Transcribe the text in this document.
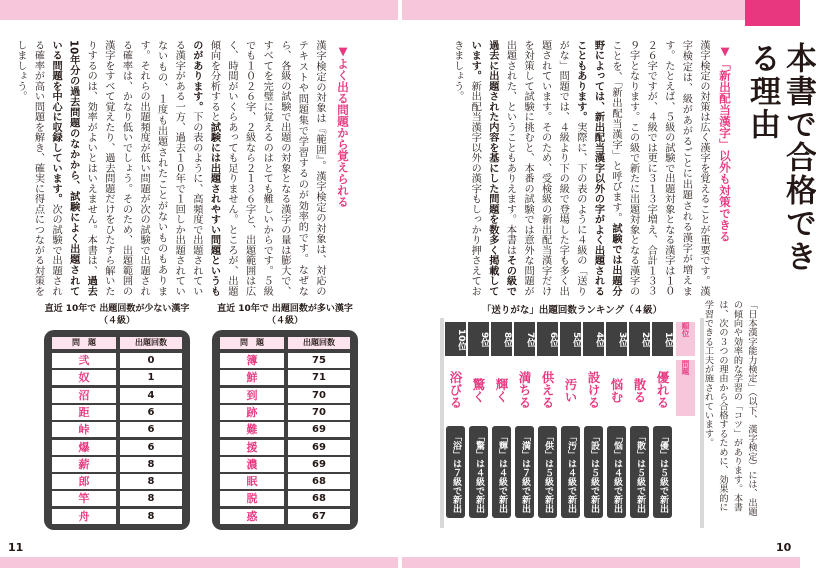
本書で合格できる理由
▼「新出配当漢字」以外も対策できる
漢字検定の対策は広く漢字を覚えることが重要です。漢字検定は、級があがるごとに出題される漢字が増えます。たとえば、５級の試験で出題対象となる漢字は１０２６字ですが、４級では更に３１３字増え、合計１３３９字となります。この級で新たに出題対象となる漢字のことを、「新出配当漢字」と呼びます。試験では出題分野によっては、新出配当漢字以外の字がよく出題されることもあります。実際に、下の表のように４級の「送りがな」問題では、４級より下の級で登場した字も多く出題されています。そのため、受検級の新出配当漢字だけを対策して試験に挑むと、本番の試験では意外な問題が出題された、ということもありえます。本書はその級で過去に出題された内容を基にした問題を数多く掲載しています。新出配当漢字以外の漢字もしっかり押さえておきましょう。
「日本漢字能力検定」（以下、漢字検定）には、出題の傾向や効率的な学習の「コツ」があります。本書は、次の３つの理由から合格するために、効果的に学習できる工夫が施されています。
「送りがな」出題回数ランキング（４級）
順位
問題
1位
優れる
「優」は５級で新出
2位
散る
「散」は５級で新出
3位
悩む
「悩」は４級で新出
4位
設ける
「設」は５級で新出
5位
汚い
「汚」は４級で新出
6位
供える
「供」は５級で新出
7位
満ちる
「満」は７級で新出
8位
輝く
「輝」は４級で新出
9位
驚く
「驚」は４級で新出
10位
浴びる
「浴」は７級で新出
10
▼よく出る問題から覚えられる
漢字検定の対象は『範囲』。漢字検定の対象は、対応のテキストや問題集で学習するのが効率的です。なぜなら、各級の試験で出題の対象となる漢字の量は膨大で、すべてを完璧に覚えるのはとても難しいからです。５級でも１０２６字、２級なら２１３６字と、出題範囲は広く、時間がいくらあっても足りません。ところが、出題傾向を分析すると試験には出題されやすい問題というものがあります。下の表のように、高頻度で出題されている漢字がある一方、過去１０年で１回しか出題されていないもの、１度も出題されたことがないものもあります。それらの出題頻度が低い問題が次の試験で出題される確率は、かなり低いでしょう。そのため、出題範囲の漢字をすべて覚えたり、過去問題だけをひたすら解いたりするのは、効率がよいとはいえません。本書は、過去10年分の過去問題のなかから、試験によく出題されている問題を中心に収録しています。次の試験で出題される確率が高い問題を解き、確実に得点につながる対策をしましょう。
直近 10年で 出題回数が多い漢字（４級）
問　題	出題回数
簿	75
鮮	71
到	70
跡	70
難	69
援	69
濃	69
眠	68
脱	68
惑	67
直近 10年で 出題回数が少ない漢字（４級）
問　題	出題回数
弐	0
奴	1
沼	4
距	6
峠	6
爆	6
薪	8
郎	8
竿	8
舟	8
11
